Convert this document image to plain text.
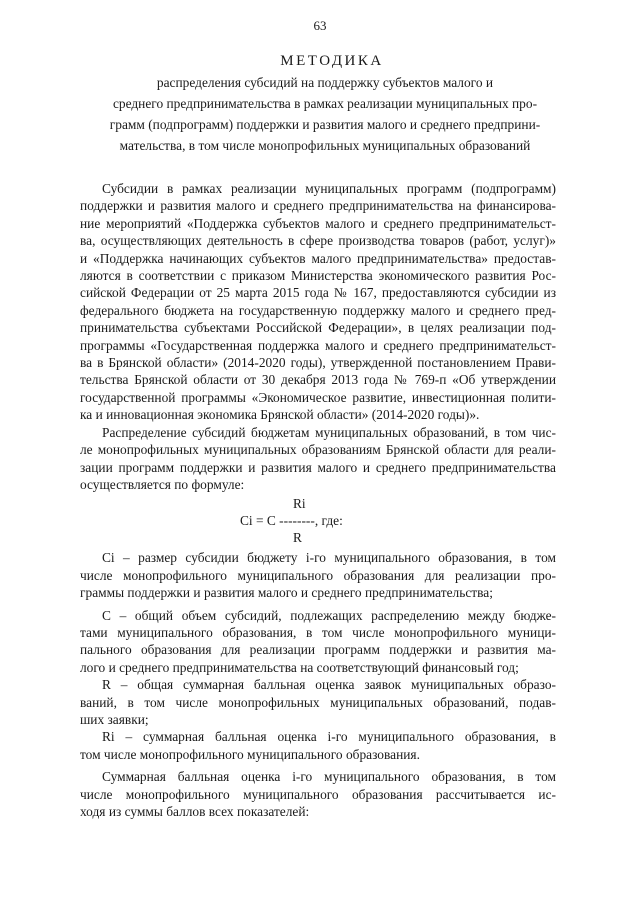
63
МЕТОДИКА
распределения субсидий на поддержку субъектов малого и
среднего предпринимательства в рамках реализации муниципальных про-
грамм (подпрограмм) поддержки и развития малого и среднего предприни-
мательства, в том числе монопрофильных муниципальных образований
Субсидии в рамках реализации муниципальных программ (подпрограмм)
поддержки и развития малого и среднего предпринимательства на финансирова-
ние мероприятий «Поддержка субъектов малого и среднего предпринимательст-
ва, осуществляющих деятельность в сфере производства товаров (работ, услуг)»
и «Поддержка начинающих субъектов малого предпринимательства» предостав-
ляются в соответствии с приказом Министерства экономического развития Рос-
сийской Федерации от 25 марта 2015 года № 167, предоставляются субсидии из
федерального бюджета на государственную поддержку малого и среднего пред-
принимательства субъектами Российской Федерации», в целях реализации под-
программы «Государственная поддержка малого и среднего предпринимательст-
ва в Брянской области» (2014-2020 годы), утвержденной постановлением Прави-
тельства Брянской области от 30 декабря 2013 года № 769-п «Об утверждении
государственной программы «Экономическое развитие, инвестиционная полити-
ка и инновационная экономика Брянской области» (2014-2020 годы)».
Распределение субсидий бюджетам муниципальных образований, в том чис-
ле монопрофильных муниципальных образованиям Брянской области для реали-
зации программ поддержки и развития малого и среднего предпринимательства
осуществляется по формуле:
Ri
Ci = C --------, где:
R
Ci – размер субсидии бюджету i-го муниципального образования, в том
числе монопрофильного муниципального образования для реализации про-
граммы поддержки и развития малого и среднего предпринимательства;
С – общий объем субсидий, подлежащих распределению между бюдже-
тами муниципального образования, в том числе монопрофильного муници-
пального образования для реализации программ поддержки и развития ма-
лого и среднего предпринимательства на соответствующий финансовый год;
R – общая суммарная балльная оценка заявок муниципальных образо-
ваний, в том числе монопрофильных муниципальных образований, подав-
ших заявки;
Ri – суммарная балльная оценка i-го муниципального образования, в
том числе монопрофильного муниципального образования.
Суммарная балльная оценка i-го муниципального образования, в том
числе монопрофильного муниципального образования рассчитывается ис-
ходя из суммы баллов всех показателей:
